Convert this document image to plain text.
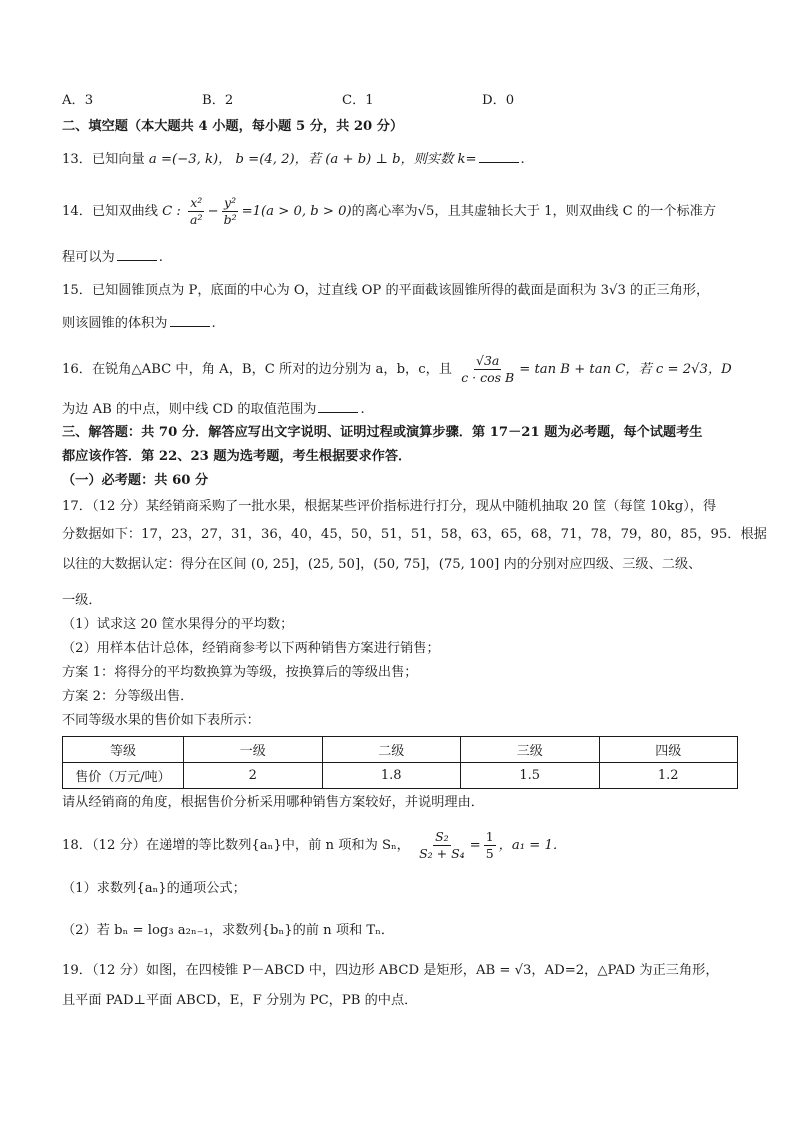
A．3	B．2	C．1	D．0
二、填空题（本大题共 4 小题，每小题 5 分，共 20 分）
13．已知向量 a =(−3, k)， b =(4, 2)，若 (a + b) ⊥ b，则实数 k=	.
14．已知双曲线 C : $\frac{\text{x²}}{\text{a²}} - \frac{\text{y²}}{\text{b²}} =1(a > 0$, b > 0)的离心率为√5，且其虚轴长大于 1，则双曲线 C 的一个标准方
程可以为	.
15．已知圆锥顶点为 P，底面的中心为 O，过直线 OP 的平面截该圆锥所得的截面是面积为 3√3 的正三角形，
则该圆锥的体积为	.
16．在锐角△ABC 中，角 A，B，C 所对的边分别为 a，b，c，且 $\frac{√3a}{\text{c · cos B}} = \tan B + \tan C$，若 c = 2√3，D
为边 AB 的中点，则中线 CD 的取值范围为	.
三、解答题：共 70 分．解答应写出文字说明、证明过程或演算步骤．第 17－21 题为必考题，每个试题考生
都应该作答．第 22、23 题为选考题，考生根据要求作答．
（一）必考题：共 60 分
17．（12 分）某经销商采购了一批水果，根据某些评价指标进行打分，现从中随机抽取 20 筐（每筐 10kg），得
分数据如下：17，23，27，31，36，40，45，50，51，51，58，63，65，68，71，78，79，80，85，95．根据
以往的大数据认定：得分在区间 (0, 25]，(25, 50]，(50, 75]，(75, 100] 内的分别对应四级、三级、二级、
一级．
（1）试求这 20 筐水果得分的平均数；
（2）用样本估计总体，经销商参考以下两种销售方案进行销售；
方案 1：将得分的平均数换算为等级，按换算后的等级出售；
方案 2：分等级出售．
不同等级水果的售价如下表所示：
等级	一级	二级	三级	四级
售价（万元/吨）	2	1.8	1.5	1.2
请从经销商的角度，根据售价分析采用哪种销售方案较好，并说明理由．
18．（12 分）在递增的等比数列{aₙ}中，前 n 项和为 Sₙ， $\frac{\text{S₂}}{\text{S₂ + S₄}} = \frac{1}{5}$ ，a₁ = 1．
（1）求数列{aₙ}的通项公式；
（2）若 bₙ = log₃ a₂ₙ₋₁，求数列{bₙ}的前 n 项和 Tₙ．
19．（12 分）如图，在四棱锥 P－ABCD 中，四边形 ABCD 是矩形，AB = √3，AD=2，△PAD 为正三角形，
且平面 PAD⊥平面 ABCD，E，F 分别为 PC，PB 的中点．
